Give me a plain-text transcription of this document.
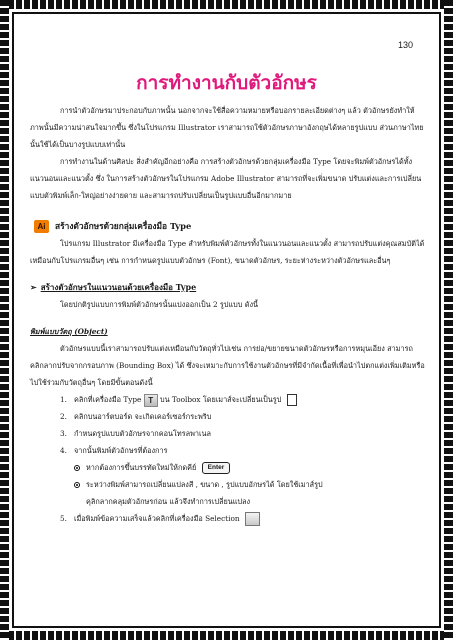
130
การทำงานกับตัวอักษร

การนำตัวอักษรมาประกอบกับภาพนั้น นอกจากจะใช้สื่อความหมายหรือบอกรายละเอียดต่างๆ แล้ว ตัวอักษรยังทำให้ภาพนั้นมีความน่าสนใจมากขึ้น ซึ่งในโปรแกรม Illustrator เราสามารถใช้ตัวอักษรภาษาอังกฤษได้หลายรูปแบบ ส่วนภาษาไทยนั้นใช้ได้เป็นบางรูปแบบเท่านั้น

การทำงานในด้านศิลปะ สิ่งสำคัญอีกอย่างคือ การสร้างตัวอักษรด้วยกลุ่มเครื่องมือ Type โดยจะพิมพ์ตัวอักษรได้ทั้งแนวนอนและแนวตั้ง ซึ่ง ในการสร้างตัวอักษรในโปรแกรม Adobe Illustrator สามารถที่จะเพิ่มขนาด ปรับแต่งและการเปลี่ยนแบบตัวพิมพ์เล็ก-ใหญ่อย่างง่ายดาย และสามารถปรับเปลี่ยนเป็นรูปแบบอื่นอีกมากมาย

Ai	สร้างตัวอักษรด้วยกลุ่มเครื่องมือ Type

โปรแกรม Illustrator มีเครื่องมือ Type สำหรับพิมพ์ตัวอักษรทั้งในแนวนอนและแนวตั้ง สามารถปรับแต่งคุณสมบัติได้เหมือนกับโปรแกรมอื่นๆ เช่น การกำหนดรูปแบบตัวอักษร (Font), ขนาดตัวอักษร, ระยะห่างระหว่างตัวอักษรและอื่นๆ

➢ สร้างตัวอักษรในแนวนอนด้วยเครื่องมือ Type

โดยปกติรูปแบบการพิมพ์ตัวอักษรนั้นแบ่งออกเป็น 2 รูปแบบ ดังนี้

พิมพ์แบบวัตถุ (Object)

ตัวอักษรแบบนี้เราสามารถปรับแต่งเหมือนกับวัตถุทั่วไปเช่น การย่อ/ขยายขนาดตัวอักษรหรือการหมุนเอียง สามารถคลิกลากปรับจากกรอบภาพ (Bounding Box) ได้ ซึ่งจะเหมาะกับการใช้งานตัวอักษรที่มีจำกัดเนื้อที่เพื่อนำไปตกแต่งเพิ่มเติมหรือไปใช้ร่วมกับวัตถุอื่นๆ โดยมีขั้นตอนดังนี้

1. คลิกที่เครื่องมือ Type T บน Toolbox โดยเมาส์จะเปลี่ยนเป็นรูป
2. คลิกบนอาร์ตบอร์ด จะเกิดเคอร์เซอร์กระพริบ
3. กำหนดรูปแบบตัวอักษรจากคอนโทรลพาเนล
4. จากนั้นพิมพ์ตัวอักษรที่ต้องการ
หากต้องการขึ้นบรรทัดใหม่ให้กดคีย์ Enter
ระหว่างพิมพ์สามารถเปลี่ยนแปลงสี , ขนาด , รูปแบบอักษรได้ โดยใช้เมาส์รูป
คุลิกลากคลุมตัวอักษรก่อน แล้วจึงทำการเปลี่ยนแปลง
5. เมื่อพิมพ์ข้อความเสร็จแล้วคลิกที่เครื่องมือ Selection
